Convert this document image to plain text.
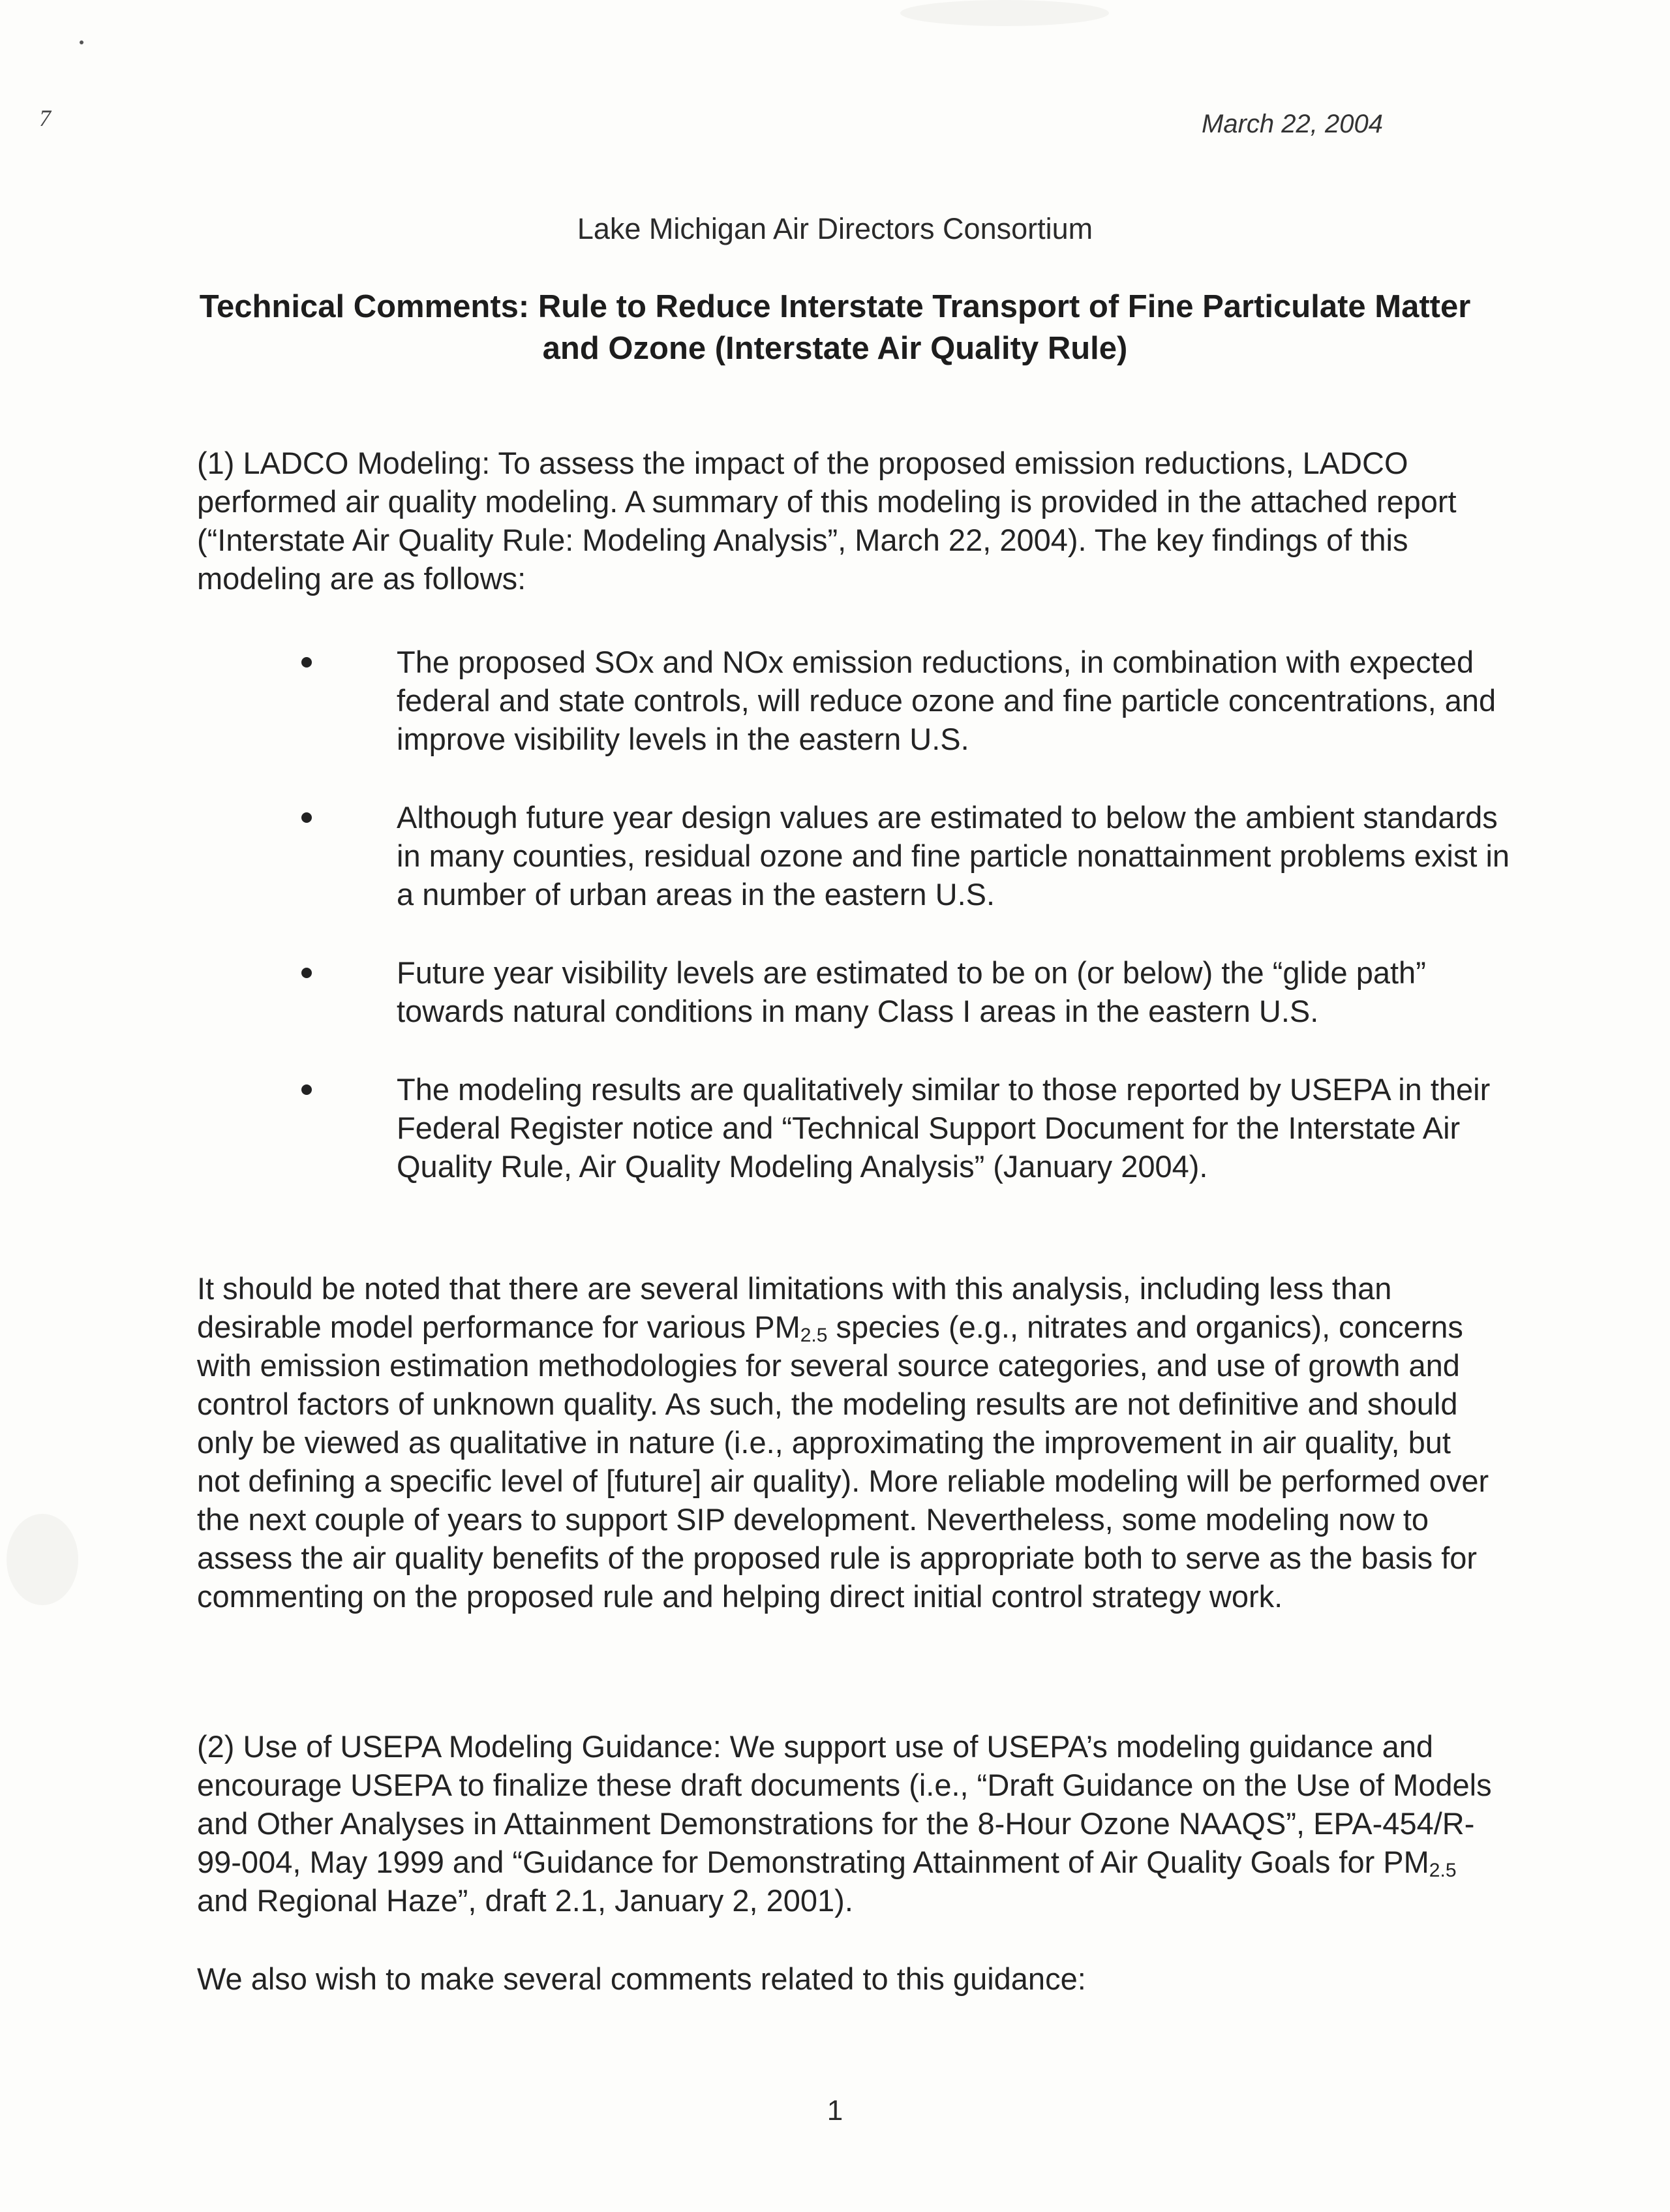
7	March 22, 2004
Lake Michigan Air Directors Consortium
Technical Comments: Rule to Reduce Interstate Transport of Fine Particulate Matter and Ozone (Interstate Air Quality Rule)

(1) LADCO Modeling: To assess the impact of the proposed emission reductions, LADCO performed air quality modeling. A summary of this modeling is provided in the attached report (“Interstate Air Quality Rule: Modeling Analysis”, March 22, 2004). The key findings of this modeling are as follows:

The proposed SOx and NOx emission reductions, in combination with expected federal and state controls, will reduce ozone and fine particle concentrations, and improve visibility levels in the eastern U.S.
Although future year design values are estimated to below the ambient standards in many counties, residual ozone and fine particle nonattainment problems exist in a number of urban areas in the eastern U.S.
Future year visibility levels are estimated to be on (or below) the “glide path” towards natural conditions in many Class I areas in the eastern U.S.
The modeling results are qualitatively similar to those reported by USEPA in their Federal Register notice and “Technical Support Document for the Interstate Air Quality Rule, Air Quality Modeling Analysis” (January 2004).

It should be noted that there are several limitations with this analysis, including less than desirable model performance for various $PM_{2.5}$ species (e.g., nitrates and organics), concerns with emission estimation methodologies for several source categories, and use of growth and control factors of unknown quality. As such, the modeling results are not definitive and should only be viewed as qualitative in nature (i.e., approximating the improvement in air quality, but not defining a specific level of [future] air quality). More reliable modeling will be performed over the next couple of years to support SIP development. Nevertheless, some modeling now to assess the air quality benefits of the proposed rule is appropriate both to serve as the basis for commenting on the proposed rule and helping direct initial control strategy work.

(2) Use of USEPA Modeling Guidance: We support use of USEPA’s modeling guidance and encourage USEPA to finalize these draft documents (i.e., “Draft Guidance on the Use of Models and Other Analyses in Attainment Demonstrations for the 8-Hour Ozone NAAQS”, EPA-454/R-99-004, May 1999 and “Guidance for Demonstrating Attainment of Air Quality Goals for $PM_{2.5}$ and Regional Haze”, draft 2.1, January 2, 2001).

We also wish to make several comments related to this guidance:

1
